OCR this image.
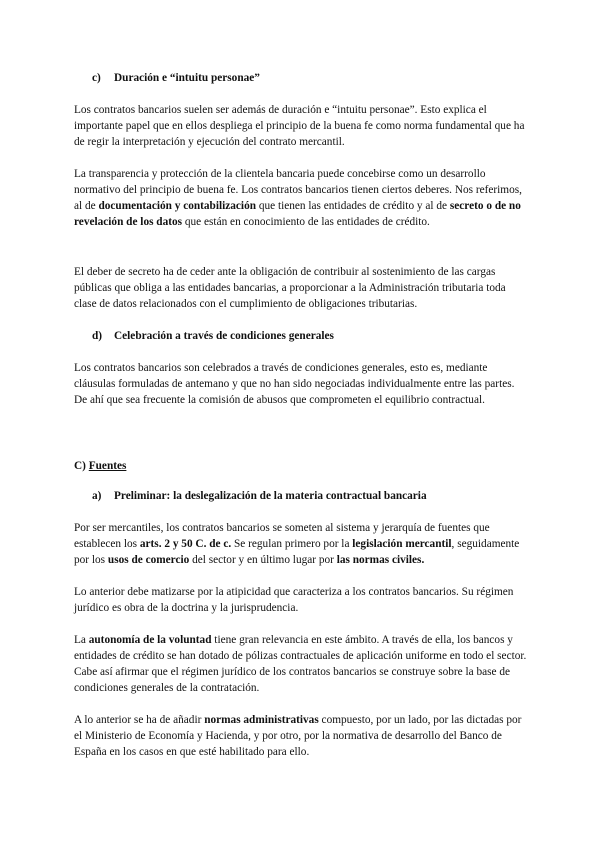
c) Duración e “intuitu personae”

Los contratos bancarios suelen ser además de duración e “intuitu personae”. Esto explica el importante papel que en ellos despliega el principio de la buena fe como norma fundamental que ha de regir la interpretación y ejecución del contrato mercantil.

La transparencia y protección de la clientela bancaria puede concebirse como un desarrollo normativo del principio de buena fe. Los contratos bancarios tienen ciertos deberes. Nos referimos, al de documentación y contabilización que tienen las entidades de crédito y al de secreto o de no revelación de los datos que están en conocimiento de las entidades de crédito.

El deber de secreto ha de ceder ante la obligación de contribuir al sostenimiento de las cargas públicas que obliga a las entidades bancarias, a proporcionar a la Administración tributaria toda clase de datos relacionados con el cumplimiento de obligaciones tributarias.

d) Celebración a través de condiciones generales

Los contratos bancarios son celebrados a través de condiciones generales, esto es, mediante cláusulas formuladas de antemano y que no han sido negociadas individualmente entre las partes. De ahí que sea frecuente la comisión de abusos que comprometen el equilibrio contractual.

C) Fuentes
a) Preliminar: la deslegalización de la materia contractual bancaria

Por ser mercantiles, los contratos bancarios se someten al sistema y jerarquía de fuentes que establecen los arts. 2 y 50 C. de c. Se regulan primero por la legislación mercantil, seguidamente por los usos de comercio del sector y en último lugar por las normas civiles.

Lo anterior debe matizarse por la atipicidad que caracteriza a los contratos bancarios. Su régimen jurídico es obra de la doctrina y la jurisprudencia.

La autonomía de la voluntad tiene gran relevancia en este ámbito. A través de ella, los bancos y entidades de crédito se han dotado de pólizas contractuales de aplicación uniforme en todo el sector. Cabe así afirmar que el régimen jurídico de los contratos bancarios se construye sobre la base de condiciones generales de la contratación.

A lo anterior se ha de añadir normas administrativas compuesto, por un lado, por las dictadas por el Ministerio de Economía y Hacienda, y por otro, por la normativa de desarrollo del Banco de España en los casos en que esté habilitado para ello.
